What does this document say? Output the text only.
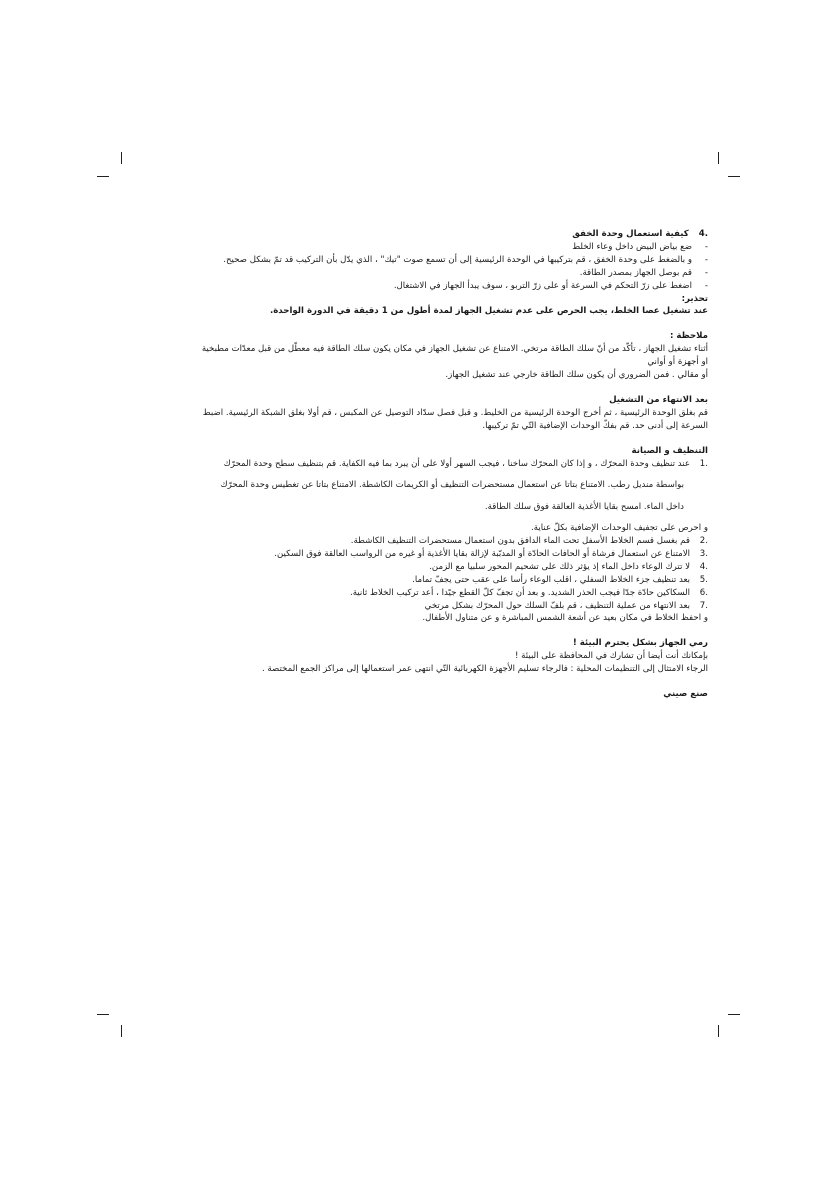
.4
كيفية استعمال وحدة الخفق
-
ضع بياض البيض داخل وعاء الخلط
-
و بالضغط على وحدة الخفق ، قم بتركيبها في الوحدة الرئيسية إلى أن تسمع صوت "تيك" ، الذي يدّل بأن التركيب قد تمّ بشكل صحيح.
-
قم بوصل الجهاز بمصدر الطاقة.
-
اضغط على زرّ التحكم في السرعة أو على زرّ التربو ، سوف يبدأ الجهاز في الاشتغال.

تحذير:

عند تشغيل عصا الخلط، يجب الحرص على عدم تشغيل الجهاز لمدة أطول من 1 دقيقة في الدورة الواحدة.

ملاحظة :

أثناء تشغيل الجهاز ، تأكّد من أنّ سلك الطاقة مرتخي. الامتناع عن تشغيل الجهاز في مكان يكون سلك الطاقة فيه معطّل من قبل معدّات مطبخية

او أجهزة أو أواني

أو مقالي . فمن الضروري أن يكون سلك الطاقة خارجي عند تشغيل الجهاز.

بعد الانتهاء من التشغيل

قم بغلق الوحدة الرئيسية ، ثم أخرج الوحدة الرئيسية من الخليط. و قبل فصل سدّاد التوصيل عن المكبس ، قم أولا بغلق الشبكة الرئيسية. اضبط

السرعة إلى أدنى حد. قم بفكّ الوحدات الإضافية التّي تمّ تركيبها.

التنظيف و الصيانة

.1
عند تنظيف وحدة المحرّك ، و إذا كان المحرّك ساخنا ، فيجب السهر أولا على أن يبرد بما فيه الكفاية. قم بتنظيف سطح وحدة المحرّك

بواسطة منديل رطب. الامتناع بتاتا عن استعمال مستحضرات التنظيف أو الكريمات الكاشطة. الامتناع بتاتا عن تغطيس وحدة المحرّك

داخل الماء. امسح بقايا الأغذية العالقة فوق سلك الطاقة.

و احرص على تجفيف الوحدات الإضافية بكلّ عناية.

.2
قم بغسل قسم الخلاط الأسفل تحت الماء الدافق بدون استعمال مستحضرات التنظيف الكاشطة.
.3
الامتناع عن استعمال فرشاة أو الحافات الحادّة أو المدبّبة لإزالة بقايا الأغذية أو غيره من الرواسب العالقة فوق السكين.
.4
لا تترك الوعاء داخل الماء إذ يؤثر ذلك على تشحيم المحور سلبيا مع الزمن.
.5
بعد تنظيف جزء الخلاط السفلي ، اقلب الوعاء رأسا على عقب حتى يجفّ تماما.
.6
السكاكين حادّة جدّا فيجب الحذر الشديد. و بعد أن تجفّ كلّ القطع جيّدا ، أعد تركيب الخلاط ثانية.
.7
بعد الانتهاء من عملية التنظيف ، قم بلفّ السلك حول المحرّك بشكل مرتخي

و احفظ الخلاط في مكان بعيد عن أشعة الشمس المباشرة و عن متناول الأطفال.

رمي الجهاز بشكل يحترم البيئة !

بإمكانك أنت أيضا أن تشارك في المحافظة على البيئة !

الرجاء الامتثال إلى التنظيمات المحلية : فالرجاء تسليم الأجهزة الكهربائية التّي انتهى عمر استعمالها إلى مراكز الجمع المختصة .

صنع صيني
